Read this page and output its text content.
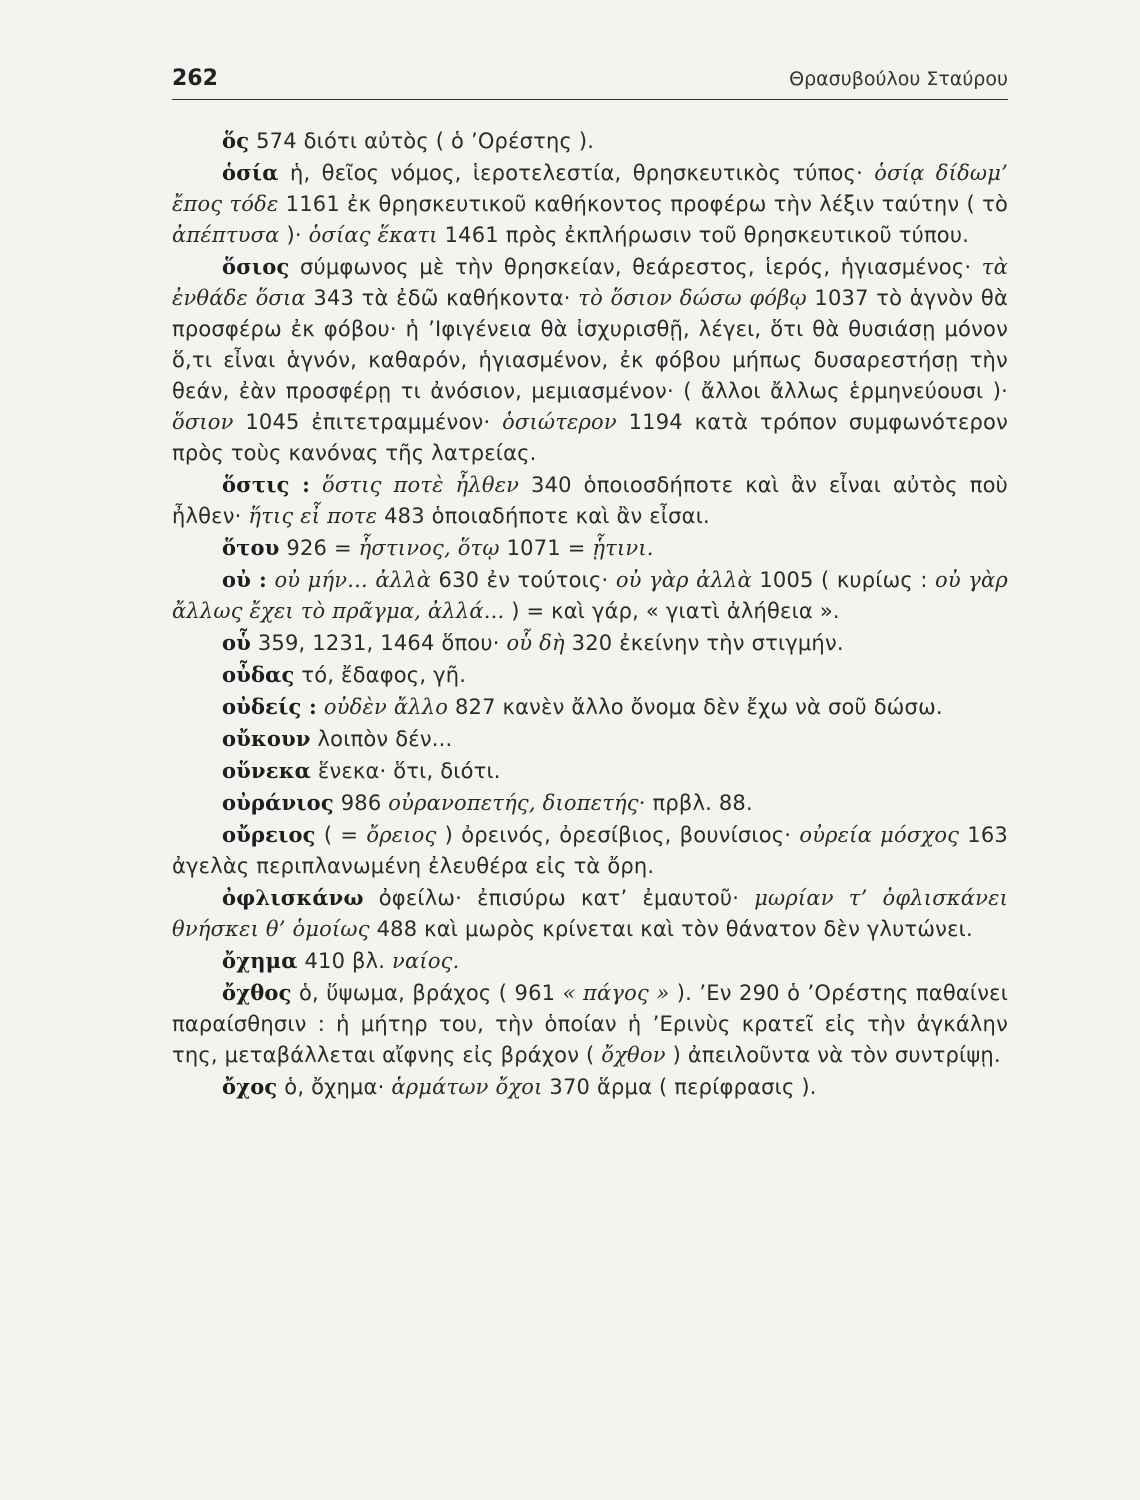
262	Θρασυβούλου Σταύρου

ὅς 574 διότι αὐτὸς ( ὁ ’Ορέστης ).

ὁσία ἡ, θεῖος νόμος, ἱεροτελεστία, θρησκευτικὸς τύπος· ὁσίᾳ δίδωμ’ ἔπος τόδε 1161 ἐκ θρησκευτικοῦ καθήκοντος προφέρω τὴν λέξιν ταύτην ( τὸ ἀπέπτυσα )· ὁσίας ἕκατι 1461 πρὸς ἐκπλήρωσιν τοῦ θρησκευτικοῦ τύπου.

ὅσιος σύμφωνος μὲ τὴν θρησκείαν, θεάρεστος, ἱερός, ἡγιασμένος· τὰ ἐνθάδε ὅσια 343 τὰ ἐδῶ καθήκοντα· τὸ ὅσιον δώσω φόβῳ 1037 τὸ ἁγνὸν θὰ προσφέρω ἐκ φόβου· ἡ ’Ιφιγένεια θὰ ἰσχυρισθῇ, λέγει, ὅτι θὰ θυσιάσῃ μόνον ὅ,τι εἶναι ἁγνόν, καθαρόν, ἡγιασμένον, ἐκ φόβου μήπως δυσαρεστήσῃ τὴν θεάν, ἐὰν προσφέρῃ τι ἀνόσιον, μεμιασμένον· ( ἄλλοι ἄλλως ἑρμηνεύουσι )· ὅσιον 1045 ἐπιτετραμμένον· ὁσιώτερον 1194 κατὰ τρόπον συμφωνότερον πρὸς τοὺς κανόνας τῆς λατρείας.

ὅστις : ὅστις ποτὲ ἦλθεν 340 ὁποιοσδήποτε καὶ ἂν εἶναι αὐτὸς ποὺ ἦλθεν· ἥτις εἶ ποτε 483 ὁποιαδήποτε καὶ ἂν εἶσαι.

ὅτου 926 = ἧστινος, ὅτῳ 1071 = ᾗτινι.

οὐ : οὐ μήν... ἀλλὰ 630 ἐν τούτοις· οὐ γὰρ ἀλλὰ 1005 ( κυρίως : οὐ γὰρ ἄλλως ἔχει τὸ πρᾶγμα, ἀλλά... ) = καὶ γάρ, « γιατὶ ἀλήθεια ».

οὗ 359, 1231, 1464 ὅπου· οὗ δὴ 320 ἐκείνην τὴν στιγμήν.

οὖδας τό, ἔδαφος, γῆ.

οὐδείς : οὐδὲν ἄλλο 827 κανὲν ἄλλο ὄνομα δὲν ἔχω νὰ σοῦ δώσω.

οὔκουν λοιπὸν δέν...

οὕνεκα ἕνεκα· ὅτι, διότι.

οὐράνιος 986 οὐρανοπετής, διοπετής· πρβλ. 88.

οὔρειος ( = ὄρειος ) ὀρεινός, ὀρεσίβιος, βουνίσιος· οὐρεία μόσχος 163 ἀγελὰς περιπλανωμένη ἐλευθέρα εἰς τὰ ὄρη.

ὀφλισκάνω ὀφείλω· ἐπισύρω κατ’ ἐμαυτοῦ· μωρίαν τ’ ὀφλισκάνει θνήσκει θ’ ὁμοίως 488 καὶ μωρὸς κρίνεται καὶ τὸν θάνατον δὲν γλυτώνει.

ὄχημα 410 βλ. ναίος.

ὄχθος ὁ, ὕψωμα, βράχος ( 961 « πάγος » ). ’Εν 290 ὁ ’Ορέστης παθαίνει παραίσθησιν : ἡ μήτηρ του, τὴν ὁποίαν ἡ ’Ερινὺς κρατεῖ εἰς τὴν ἀγκάλην της, μεταβάλλεται αἴφνης εἰς βράχον ( ὄχθον ) ἀπειλοῦντα νὰ τὸν συντρίψῃ.

ὄχος ὁ, ὄχημα· ἁρμάτων ὄχοι 370 ἅρμα ( περίφρασις ).
